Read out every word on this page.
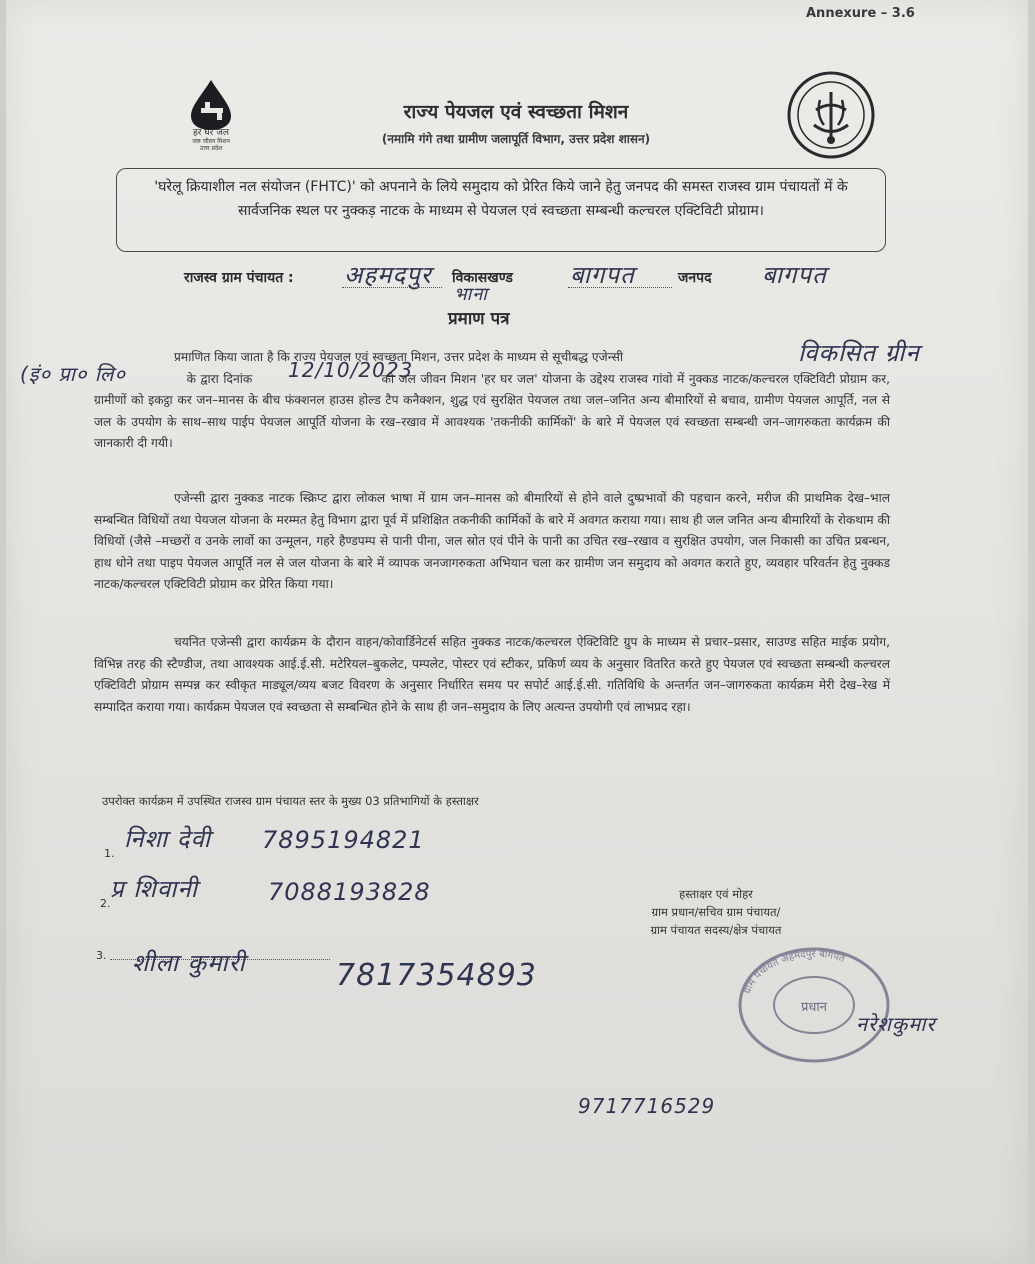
Annexure – 3.6
हर घर जल
जल जीवन मिशन
उत्तर प्रदेश
राज्य पेयजल एवं स्वच्छता मिशन
(नमामि गंगे तथा ग्रामीण जलापूर्ति विभाग, उत्तर प्रदेश शासन)
'घरेलू क्रियाशील नल संयोजन (FHTC)' को अपनाने के लिये समुदाय को प्रेरित किये जाने हेतु जनपद की समस्त राजस्व ग्राम पंचायतों में के सार्वजनिक स्थल पर नुक्कड़ नाटक के माध्यम से पेयजल एवं स्वच्छता सम्बन्धी कल्चरल एक्टिविटी प्रोग्राम।
राजस्व ग्राम पंचायत : अहमदपुर विकासखण्ड बागपत
भाना
जनपद बागपत
प्रमाण पत्र
विकसित ग्रीन
(इं० प्रा० लि०	12/10/2023
प्रमाणित किया जाता है कि राज्य पेयजल एवं स्वच्छता मिशन, उत्तर प्रदेश के माध्यम से सूचीबद्ध एजेन्सी
के द्वारा दिनांक	को जल जीवन मिशन 'हर घर जल' योजना के उद्देश्य राजस्व गांवो में नुक्कड नाटक/कल्चरल एक्टिविटी प्रोग्राम कर, ग्रामीणों को इकट्ठा कर जन–मानस के बीच फंक्शनल हाउस होल्ड टैप कनैक्शन, शुद्ध एवं सुरक्षित पेयजल तथा जल–जनित अन्य बीमारियों से बचाव, ग्रामीण पेयजल आपूर्ति, नल से जल के उपयोग के साथ–साथ पाईप पेयजल आपूर्ति योजना के रख–रखाव में आवश्यक 'तकनीकी कार्मिकों' के बारे में पेयजल एवं स्वच्छता सम्बन्धी जन–जागरुकता कार्यक्रम की जानकारी दी गयी।
एजेन्सी द्वारा नुक्कड नाटक स्क्रिप्ट द्वारा लोकल भाषा में ग्राम जन–मानस को बीमारियों से होने वाले दुष्प्रभावों की पहचान करने, मरीज की प्राथमिक देख–भाल सम्बन्धित विधियों तथा पेयजल योजना के मरम्मत हेतु विभाग द्वारा पूर्व में प्रशिक्षित तकनीकी कार्मिकों के बारे में अवगत कराया गया। साथ ही जल जनित अन्य बीमारियों के रोकथाम की विधियों (जैसे –मच्छरों व उनके लार्वो का उन्मूलन, गहरे हैण्डपम्प से पानी पीना, जल स्रोत एवं पीने के पानी का उचित रख–रखाव व सुरक्षित उपयोग, जल निकासी का उचित प्रबन्धन, हाथ धोने तथा पाइप पेयजल आपूर्ति नल से जल योजना के बारे में व्यापक जनजागरुकता अभियान चला कर ग्रामीण जन समुदाय को अवगत कराते हुए, व्यवहार परिवर्तन हेतु नुक्कड नाटक/कल्चरल एक्टिविटी प्रोग्राम कर प्रेरित किया गया।
चयनित एजेन्सी द्वारा कार्यक्रम के दौरान वाहन/कोवार्डिनेटर्स सहित नुक्कड नाटक/कल्चरल ऐक्टिविटि ग्रुप के माध्यम से प्रचार–प्रसार, साउण्ड सहित माईक प्रयोग, विभिन्न तरह की स्टैण्डीज, तथा आवश्यक आई.ई.सी. मटेरियल–बुकलेट, पम्पलेट, पोस्टर एवं स्टीकर, प्रकिर्ण व्यय के अनुसार वितरित करते हुए पेयजल एवं स्वच्छता सम्बन्धी कल्चरल एक्टिविटी प्रोग्राम सम्पन्न कर स्वीकृत माड्यूल/व्यय बजट विवरण के अनुसार निर्धारित समय पर सपोर्ट आई.ई.सी. गतिविधि के अन्तर्गत जन–जागरुकता कार्यक्रम मेरी देख–रेख में सम्पादित कराया गया। कार्यक्रम पेयजल एवं स्वच्छता से सम्बन्धित होने के साथ ही जन–समुदाय के लिए अत्यन्त उपयोगी एवं लाभप्रद रहा।
उपरोक्त कार्यक्रम में उपस्थित राजस्व ग्राम पंचायत स्तर के मुख्य 03 प्रतिभागियों के हस्ताक्षर
1.
निशा देवी 7895194821
2.
प्र शिवानी	7088193828
3. शीला कुमारी	7817354893
हस्ताक्षर एवं मोहर
ग्राम प्रधान/सचिव ग्राम पंचायत/
ग्राम पंचायत सदस्य/क्षेत्र पंचायत
ग्राम पंचायत अहमदपुर बागपत
प्रधान
नरेशकुमार
9717716529
